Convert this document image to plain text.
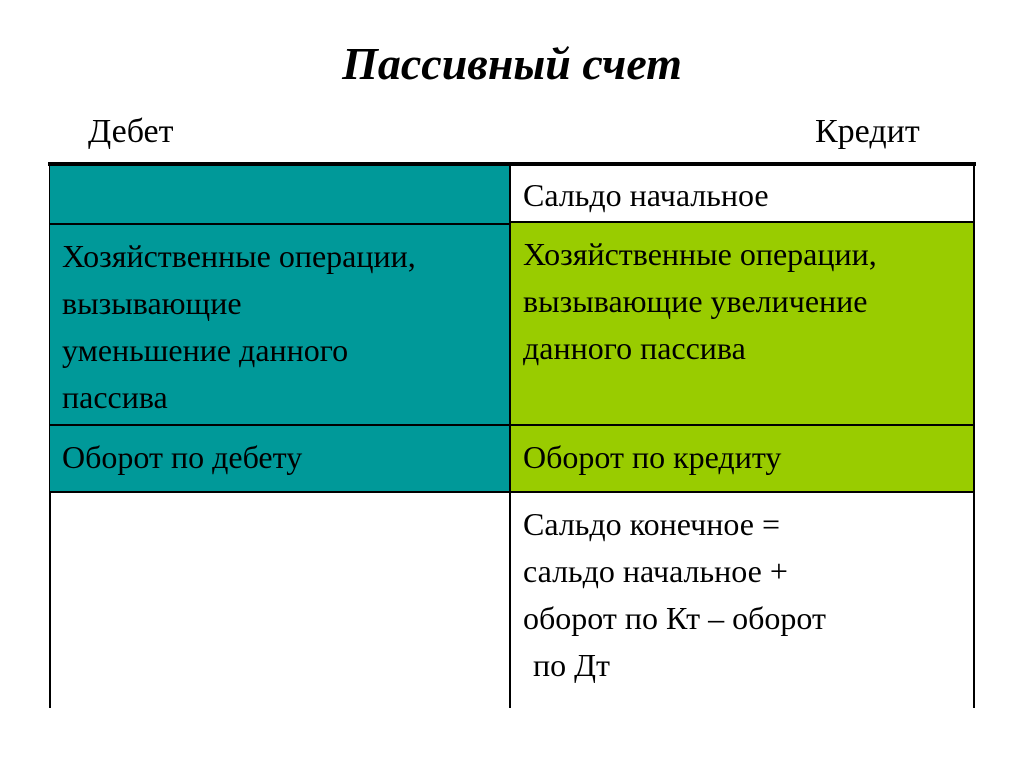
Пассивный счет
Дебет	Кредит
Сальдо начальное
Хозяйственные операции,
вызывающие
уменьшение данного
пассива
Хозяйственные операции,
вызывающие увеличение
данного пассива
Оборот по дебету	Оборот по кредиту
Сальдо конечное =
сальдо начальное +
оборот по Кт – оборот
по Дт
